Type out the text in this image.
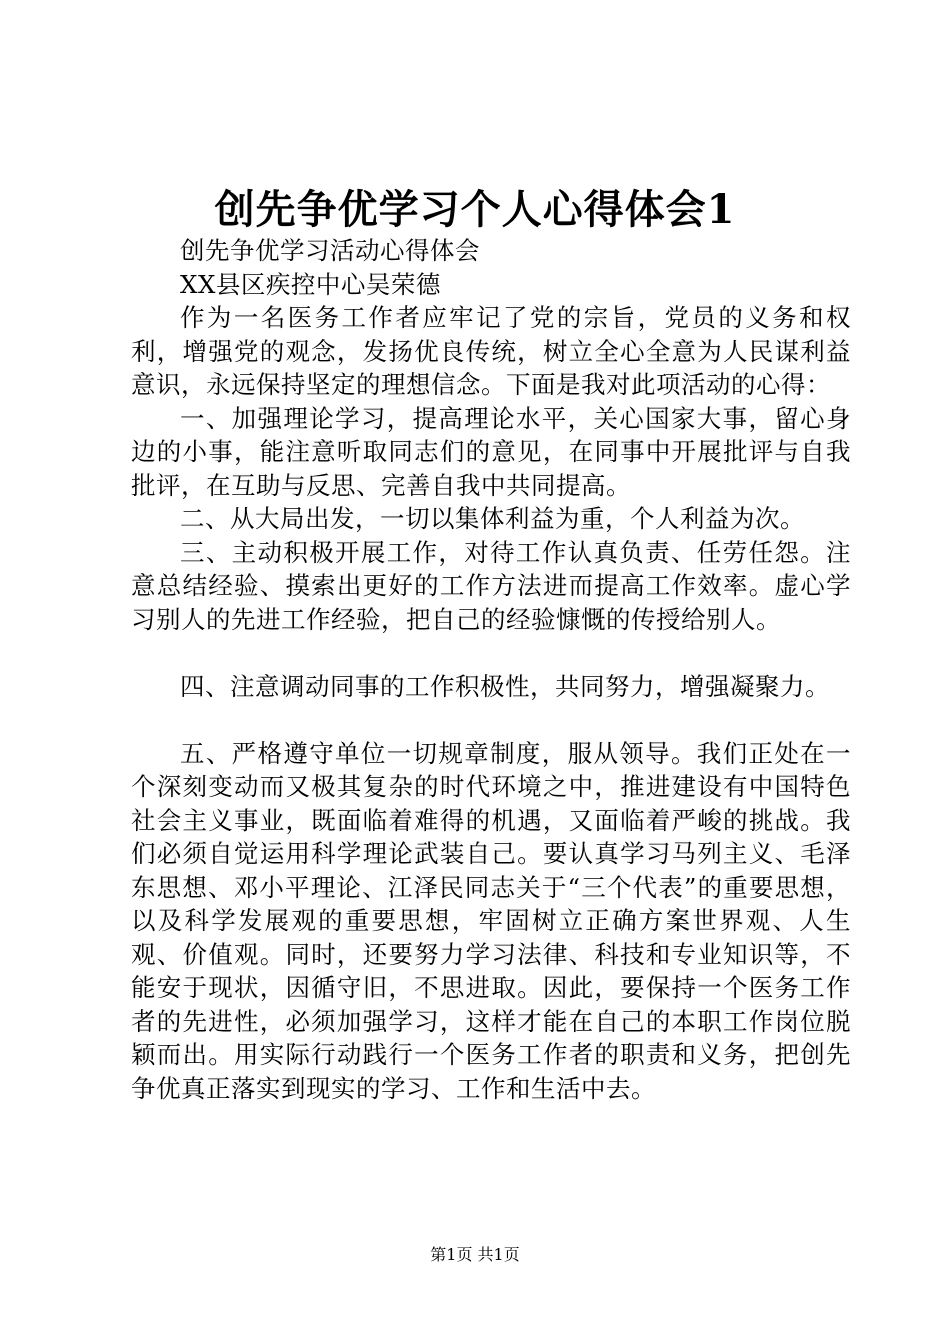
创先争优学习个人心得体会1

创先争优学习活动心得体会

XX县区疾控中心吴荣德

作为一名医务工作者应牢记了党的宗旨，党员的义务和权利，增强党的观念，发扬优良传统，树立全心全意为人民谋利益意识，永远保持坚定的理想信念。下面是我对此项活动的心得：

一、加强理论学习，提高理论水平，关心国家大事，留心身边的小事，能注意听取同志们的意见，在同事中开展批评与自我批评，在互助与反思、完善自我中共同提高。

二、从大局出发，一切以集体利益为重，个人利益为次。

三、主动积极开展工作，对待工作认真负责、任劳任怨。注意总结经验、摸索出更好的工作方法进而提高工作效率。虚心学习别人的先进工作经验，把自己的经验慷慨的传授给别人。

四、注意调动同事的工作积极性，共同努力，增强凝聚力。

五、严格遵守单位一切规章制度，服从领导。我们正处在一个深刻变动而又极其复杂的时代环境之中，推进建设有中国特色社会主义事业，既面临着难得的机遇，又面临着严峻的挑战。我们必须自觉运用科学理论武装自己。要认真学习马列主义、毛泽东思想、邓小平理论、江泽民同志关于“三个代表”的重要思想，以及科学发展观的重要思想，牢固树立正确方案世界观、人生观、价值观。同时，还要努力学习法律、科技和专业知识等，不能安于现状，因循守旧，不思进取。因此，要保持一个医务工作者的先进性，必须加强学习，这样才能在自己的本职工作岗位脱颖而出。用实际行动践行一个医务工作者的职责和义务，把创先争优真正落实到现实的学习、工作和生活中去。

第1页 共1页
